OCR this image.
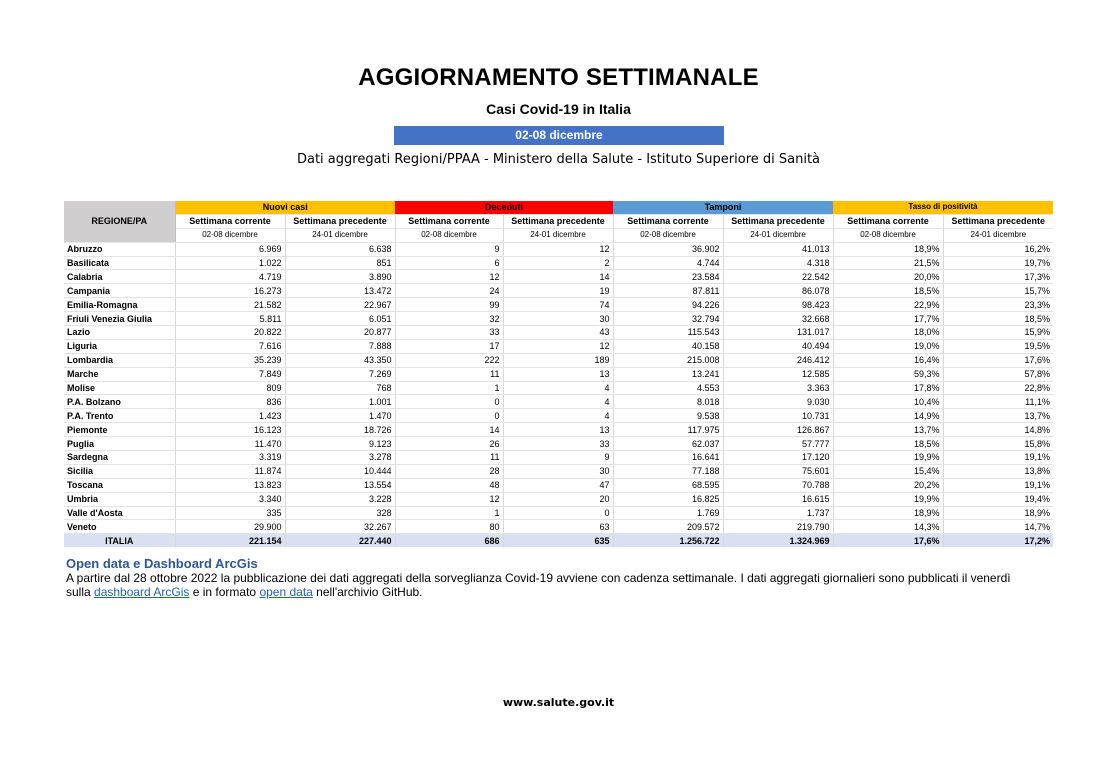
AGGIORNAMENTO SETTIMANALE
Casi Covid-19 in Italia
02-08 dicembre
Dati aggregati Regioni/PPAA - Ministero della Salute - Istituto Superiore di Sanità
REGIONE/PA	Nuovi casi		Deceduti		Tamponi		Tasso di positività	
	Settimana corrente	Settimana precedente	Settimana corrente	Settimana precedente	Settimana corrente	Settimana precedente	Settimana corrente	Settimana precedente
	02-08 dicembre	24-01 dicembre	02-08 dicembre	24-01 dicembre	02-08 dicembre	24-01 dicembre	02-08 dicembre	24-01 dicembre
Abruzzo	6.969	6.638	9	12	36.902	41.013	18,9%	16,2%
Basilicata	1.022	851	6	2	4.744	4.318	21,5%	19,7%
Calabria	4.719	3.890	12	14	23.584	22.542	20,0%	17,3%
Campania	16.273	13.472	24	19	87.811	86.078	18,5%	15,7%
Emilia-Romagna	21.582	22.967	99	74	94.226	98.423	22,9%	23,3%
Friuli Venezia Giulia	5.811	6.051	32	30	32.794	32.668	17,7%	18,5%
Lazio	20.822	20.877	33	43	115.543	131.017	18,0%	15,9%
Liguria	7.616	7.888	17	12	40.158	40.494	19,0%	19,5%
Lombardia	35.239	43.350	222	189	215.008	246.412	16,4%	17,6%
Marche	7.849	7.269	11	13	13.241	12.585	59,3%	57,8%
Molise	809	768	1	4	4.553	3.363	17,8%	22,8%
P.A. Bolzano	836	1.001	0	4	8.018	9.030	10,4%	11,1%
P.A. Trento	1.423	1.470	0	4	9.538	10.731	14,9%	13,7%
Piemonte	16.123	18.726	14	13	117.975	126.867	13,7%	14,8%
Puglia	11.470	9.123	26	33	62.037	57.777	18,5%	15,8%
Sardegna	3.319	3.278	11	9	16.641	17.120	19,9%	19,1%
Sicilia	11.874	10.444	28	30	77.188	75.601	15,4%	13,8%
Toscana	13.823	13.554	48	47	68.595	70.788	20,2%	19,1%
Umbria	3.340	3.228	12	20	16.825	16.615	19,9%	19,4%
Valle d'Aosta	335	328	1	0	1.769	1.737	18,9%	18,9%
Veneto	29.900	32.267	80	63	209.572	219.790	14,3%	14,7%
ITALIA	221.154	227.440	686	635	1.256.722	1.324.969	17,6%	17,2%
Open data e Dashboard ArcGis
A partire dal 28 ottobre 2022 la pubblicazione dei dati aggregati della sorveglianza Covid-19 avviene con cadenza settimanale. I dati aggregati giornalieri sono pubblicati il venerdì
sulla dashboard ArcGis e in formato open data nell'archivio GitHub.
www.salute.gov.it
